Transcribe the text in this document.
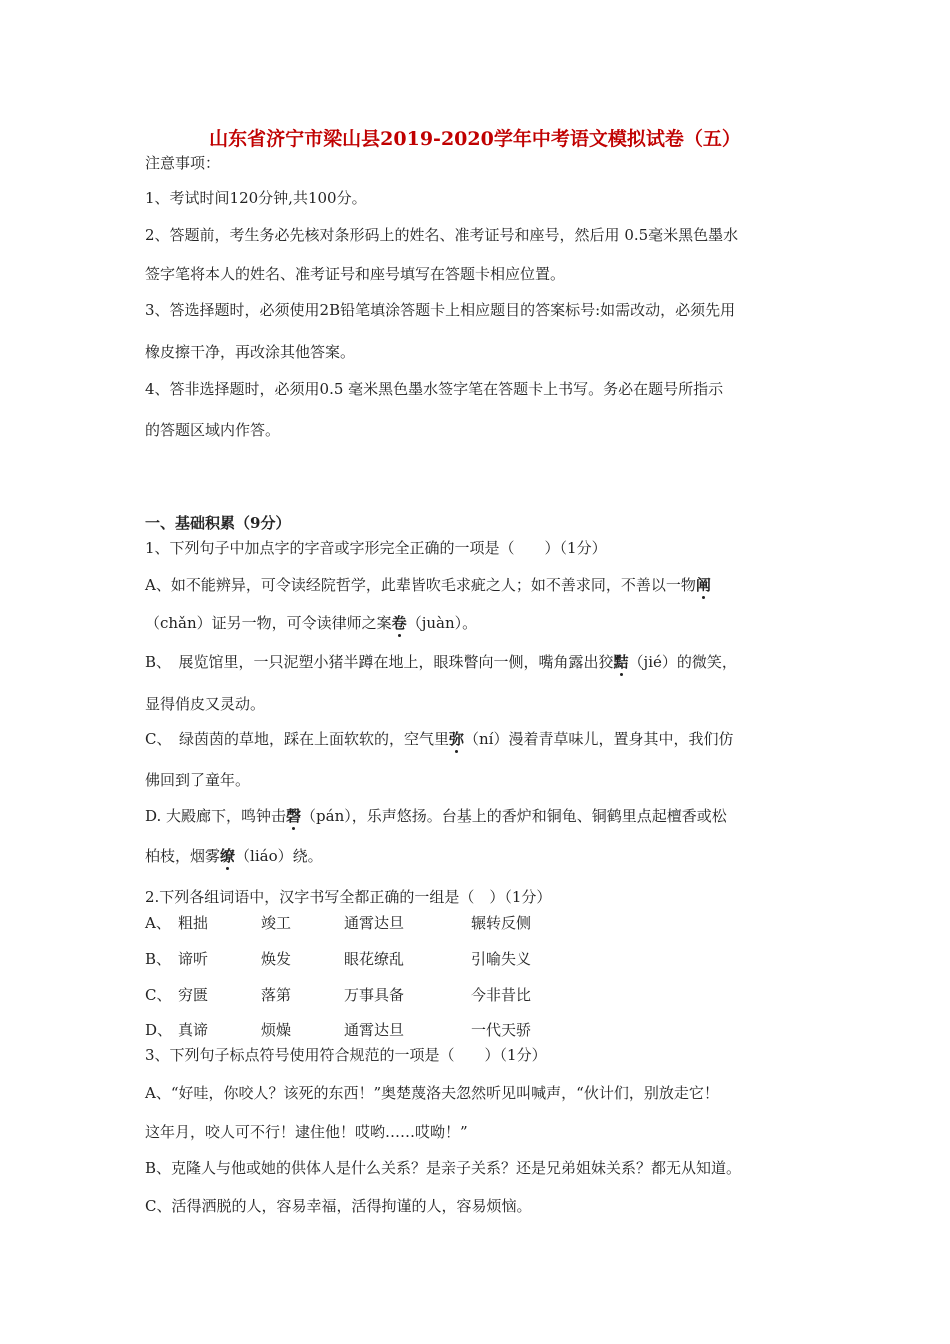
山东省济宁市梁山县2019-2020学年中考语文模拟试卷（五）
注意事项：
1、考试时间120分钟,共100分。
2、答题前，考生务必先核对条形码上的姓名、准考证号和座号，然后用 0.5毫米黑色墨水
签字笔将本人的姓名、准考证号和座号填写在答题卡相应位置。
3、答选择题时，必须使用2B铅笔填涂答题卡上相应题目的答案标号:如需改动，必须先用
橡皮擦干净，再改涂其他答案。
4、答非选择题时，必须用0.5 毫米黑色墨水签字笔在答题卡上书写。务必在题号所指示
的答题区域内作答。
一、基础积累（9分）
1、下列句子中加点字的字音或字形完全正确的一项是（　　）（1分）
A、如不能辨异，可令读经院哲学，此辈皆吹毛求疵之人；如不善求同，不善以一物阐
（chǎn）证另一物，可令读律师之案卷（juàn）。
B、　展览馆里，一只泥塑小猪半蹲在地上，眼珠瞥向一侧，嘴角露出狡黠（jié）的微笑，
显得俏皮又灵动。
C、　绿茵茵的草地，踩在上面软软的，空气里弥（ní）漫着青草味儿，置身其中，我们仿
佛回到了童年。
D. 大殿廊下，鸣钟击磬（pán），乐声悠扬。台基上的香炉和铜龟、铜鹤里点起檀香或松
柏枝，烟雾缭（liáo）绕。
2.下列各组词语中，汉字书写全都正确的一组是（　）（1分）
A、 粗拙	竣工	通霄达旦	辗转反侧
B、 谛听	焕发	眼花缭乱	引喻失义
C、 穷匮	落第	万事具备	今非昔比
D、 真谛	烦燥	通霄达旦	一代天骄
3、下列句子标点符号使用符合规范的一项是（　　）（1分）
A、“好哇，你咬人？该死的东西！”奥楚蔑洛夫忽然听见叫喊声，“伙计们，别放走它！
这年月，咬人可不行！逮住他！哎哟……哎呦！”
B、克隆人与他或她的供体人是什么关系？是亲子关系？还是兄弟姐妹关系？都无从知道。
C、活得洒脱的人，容易幸福，活得拘谨的人，容易烦恼。
